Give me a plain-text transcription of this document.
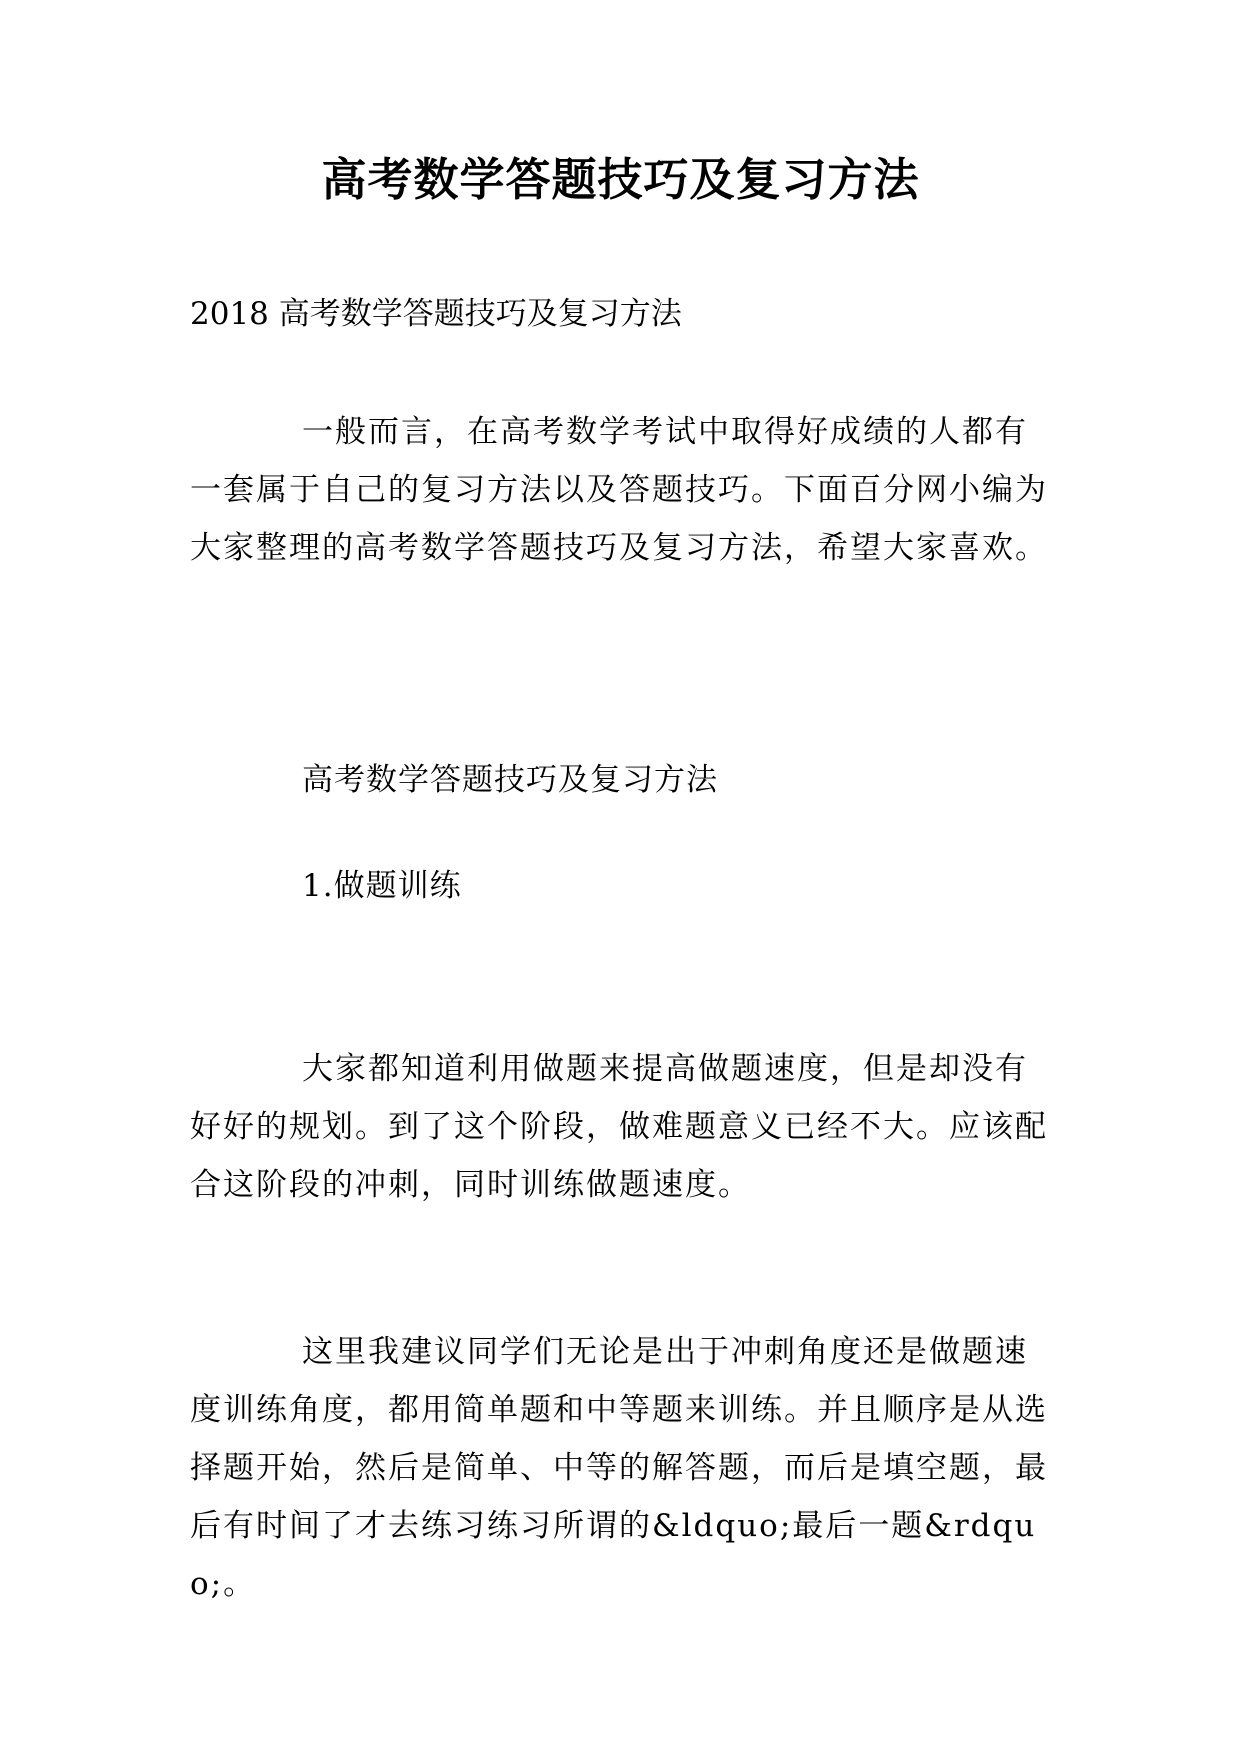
高考数学答题技巧及复习方法
2018 高考数学答题技巧及复习方法

一般而言，在高考数学考试中取得好成绩的人都有一套属于自己的复习方法以及答题技巧。下面百分网小编为大家整理的高考数学答题技巧及复习方法，希望大家喜欢。

高考数学答题技巧及复习方法
1.做题训练

大家都知道利用做题来提高做题速度，但是却没有好好的规划。到了这个阶段，做难题意义已经不大。应该配合这阶段的冲刺，同时训练做题速度。

这里我建议同学们无论是出于冲刺角度还是做题速度训练角度，都用简单题和中等题来训练。并且顺序是从选择题开始，然后是简单、中等的解答题，而后是填空题，最后有时间了才去练习练习所谓的&ldquo;最后一题&rdquo;。
